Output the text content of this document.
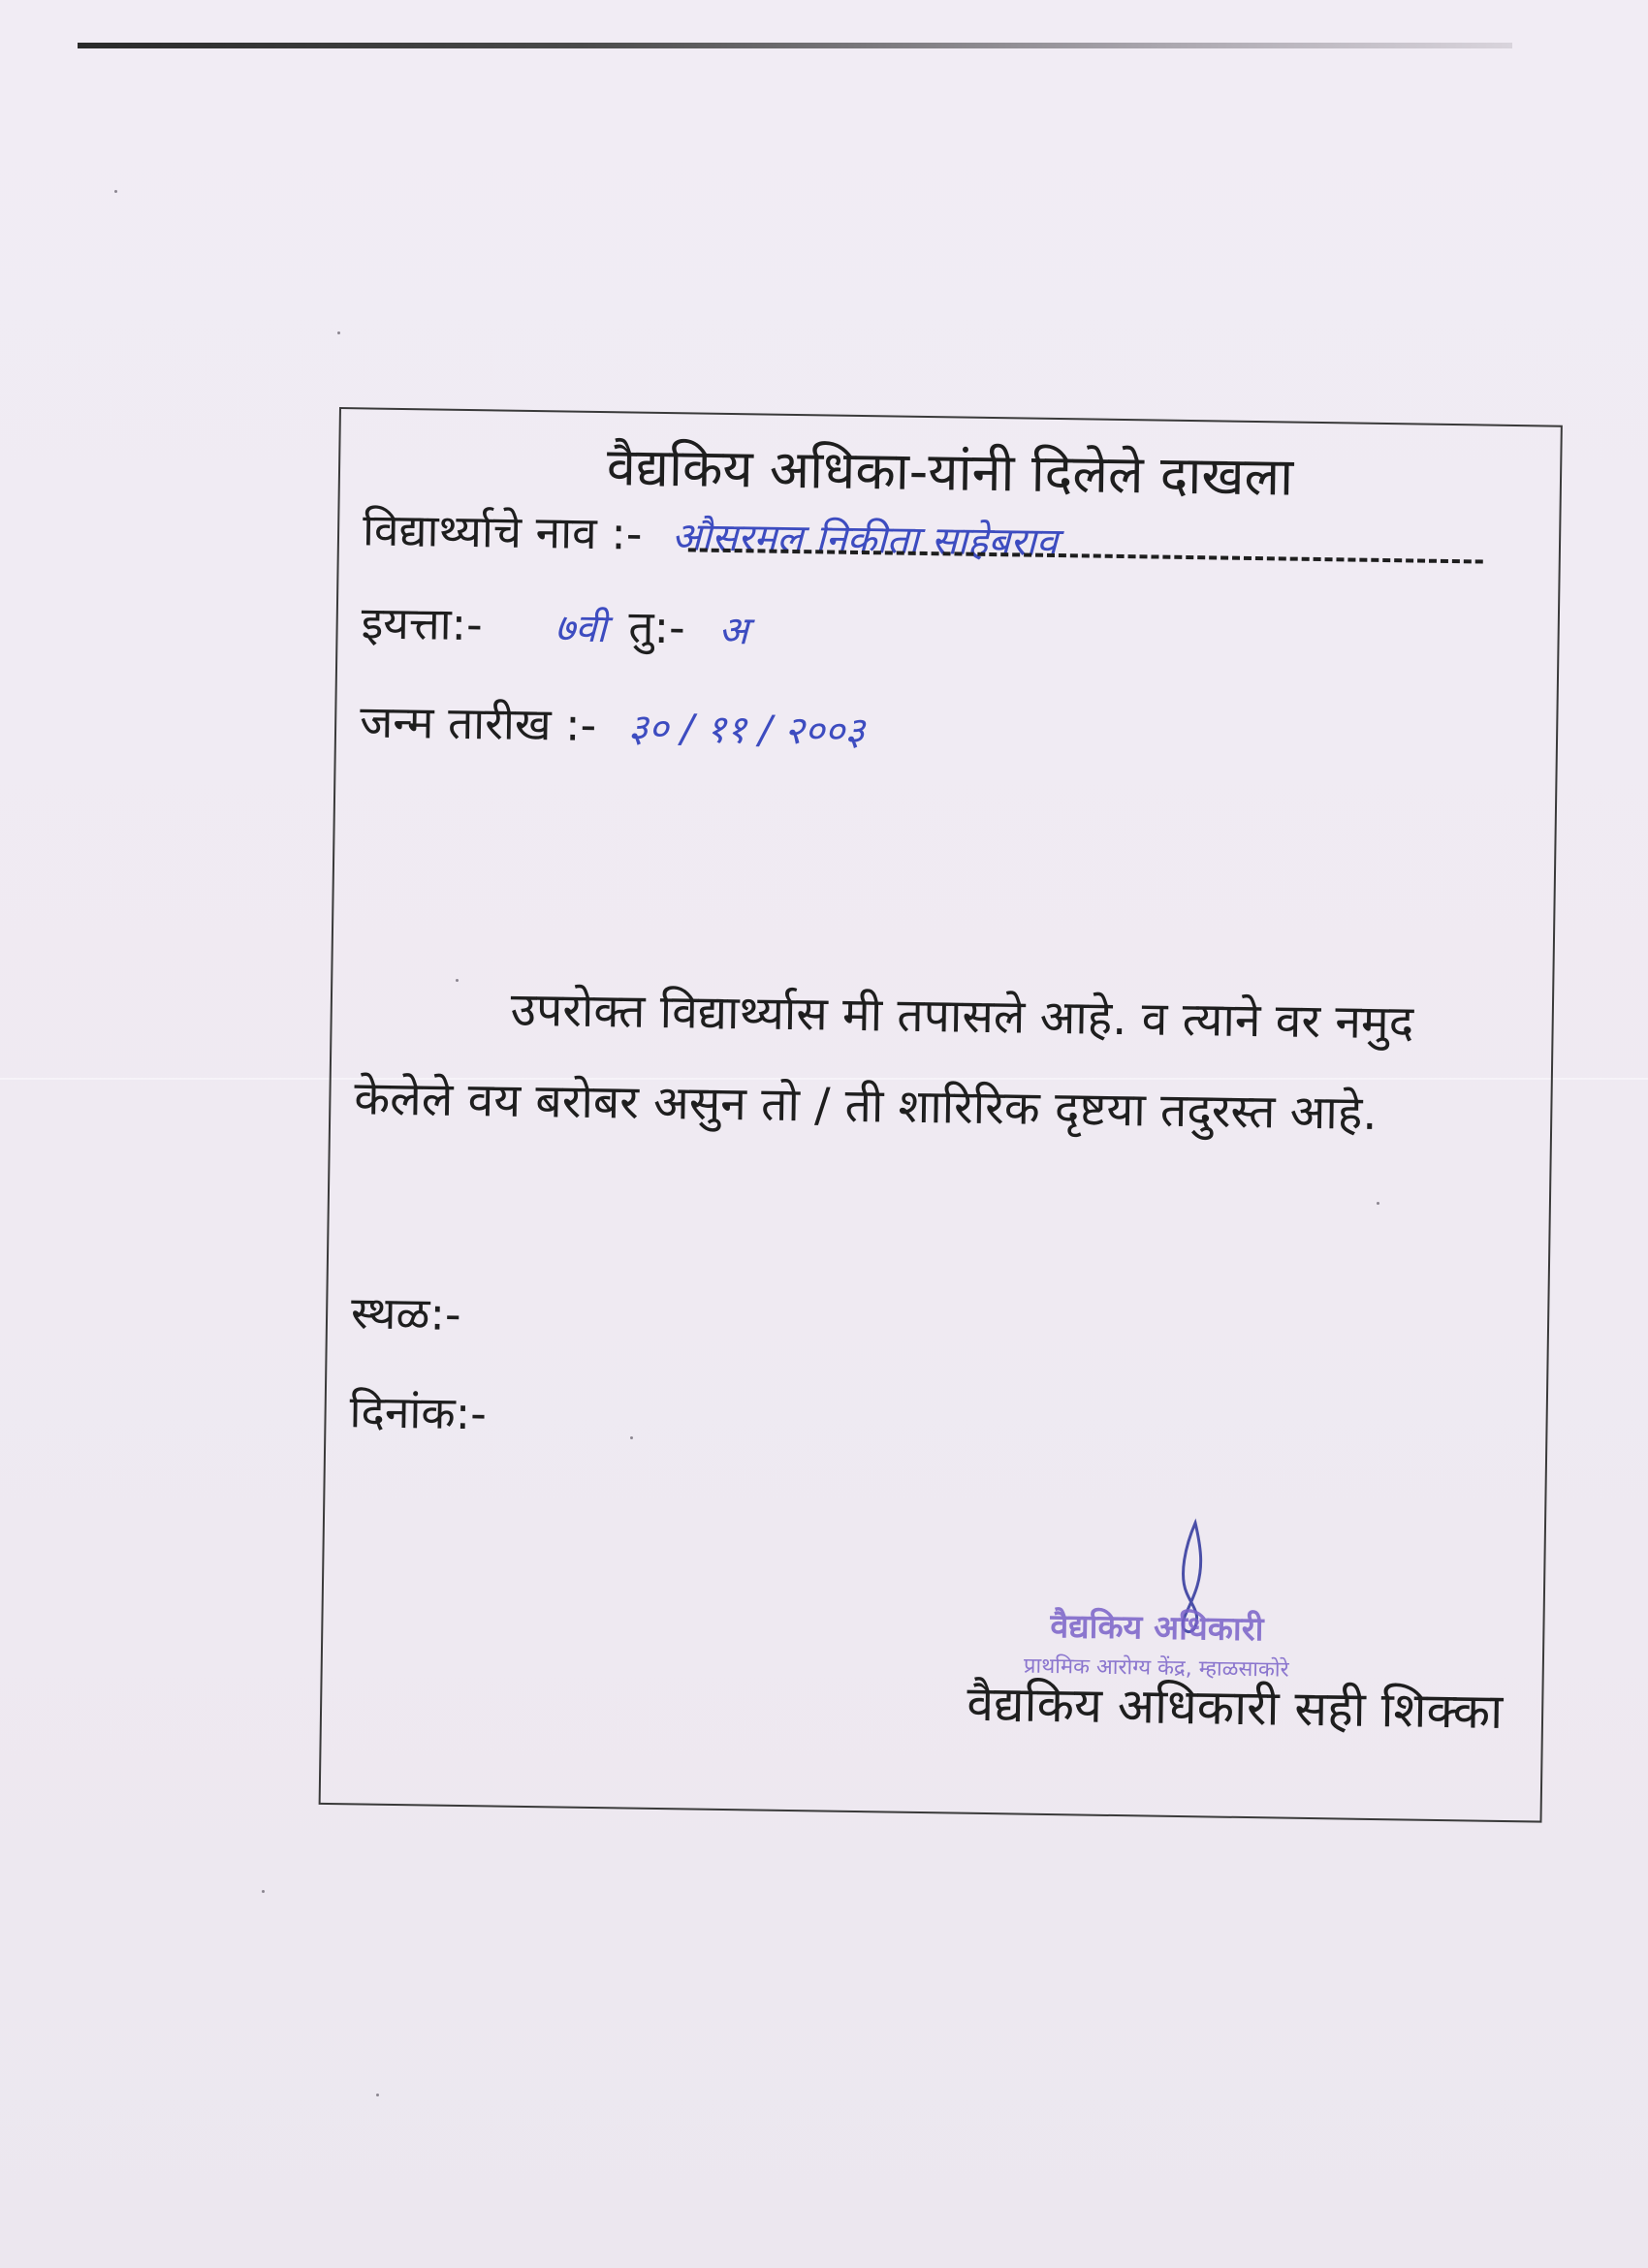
वैद्यकिय अधिका-यांनी दिलेले दाखला
विद्यार्थ्याचे नाव :- औसरमल निकीता साहेबराव
इयत्ता:- ७वी तु:- अ
जन्म तारीख :- ३० / ११ / २००३
उपरोक्त विद्यार्थ्यास मी तपासले आहे. व त्याने वर नमुद केलेले वय बरोबर असुन तो / ती शारिरिक दृष्टया तदुरस्त आहे.
स्थळ:-
दिनांक:-
वैद्यकिय अधिकारी
प्राथमिक आरोग्य केंद्र, म्हाळसाकोरे
वैद्यकिय अधिकारी सही शिक्का
